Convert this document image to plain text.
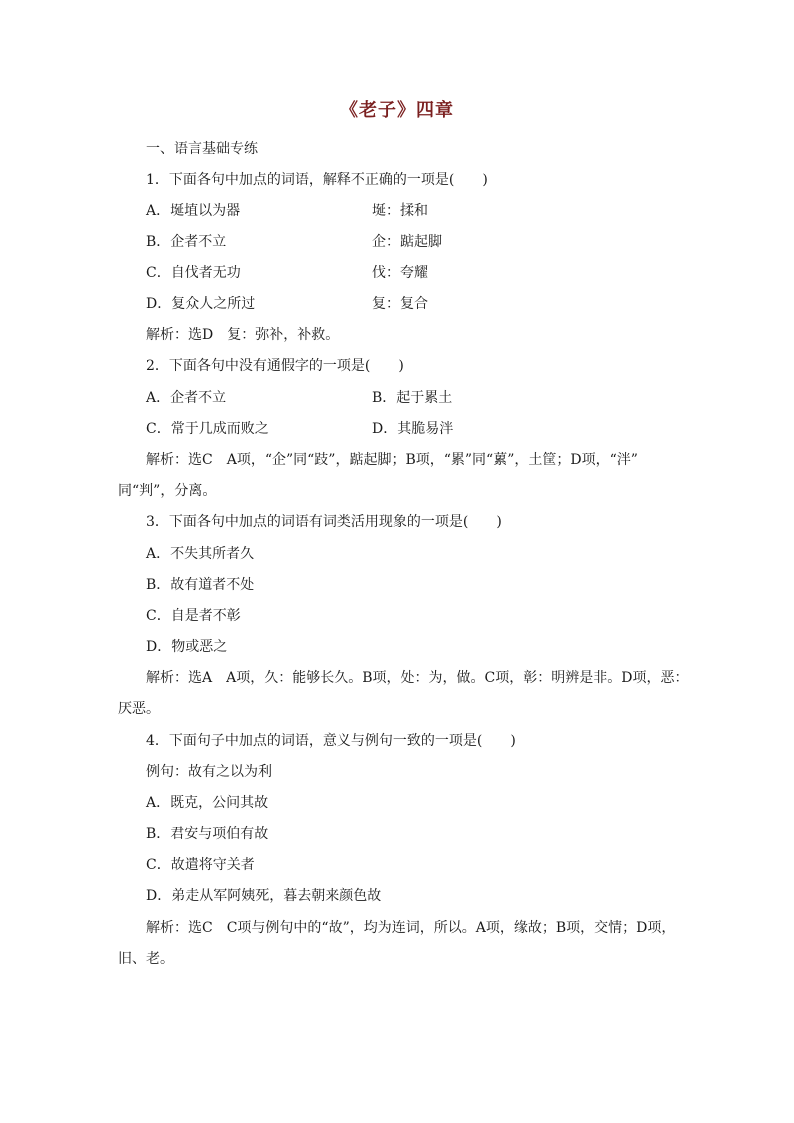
《老子》四章
一、语言基础专练
1．下面各句中加点的词语，解释不正确的一项是(　　)
A．埏埴以为器	埏：揉和
B．企者不立	企：踮起脚
C．自伐者无功	伐：夸耀
D．复众人之所过	复：复合
解析：选D　复：弥补，补救。
2．下面各句中没有通假字的一项是(　　)
A．企者不立	B．起于累土
C．常于几成而败之	D．其脆易泮
解析：选C　A项，“企”同“跂”，踮起脚；B项，“累”同“蔂”，土筐；D项，“泮”
同“判”，分离。
3．下面各句中加点的词语有词类活用现象的一项是(　　)
A．不失其所者久
B．故有道者不处
C．自是者不彰
D．物或恶之
解析：选A　A项，久：能够长久。B项，处：为，做。C项，彰：明辨是非。D项，恶：
厌恶。
4．下面句子中加点的词语，意义与例句一致的一项是(　　)
例句：故有之以为利
A．既克，公问其故
B．君安与项伯有故
C．故遣将守关者
D．弟走从军阿姨死，暮去朝来颜色故
解析：选C　C项与例句中的“故”，均为连词，所以。A项，缘故；B项，交情；D项，
旧、老。
